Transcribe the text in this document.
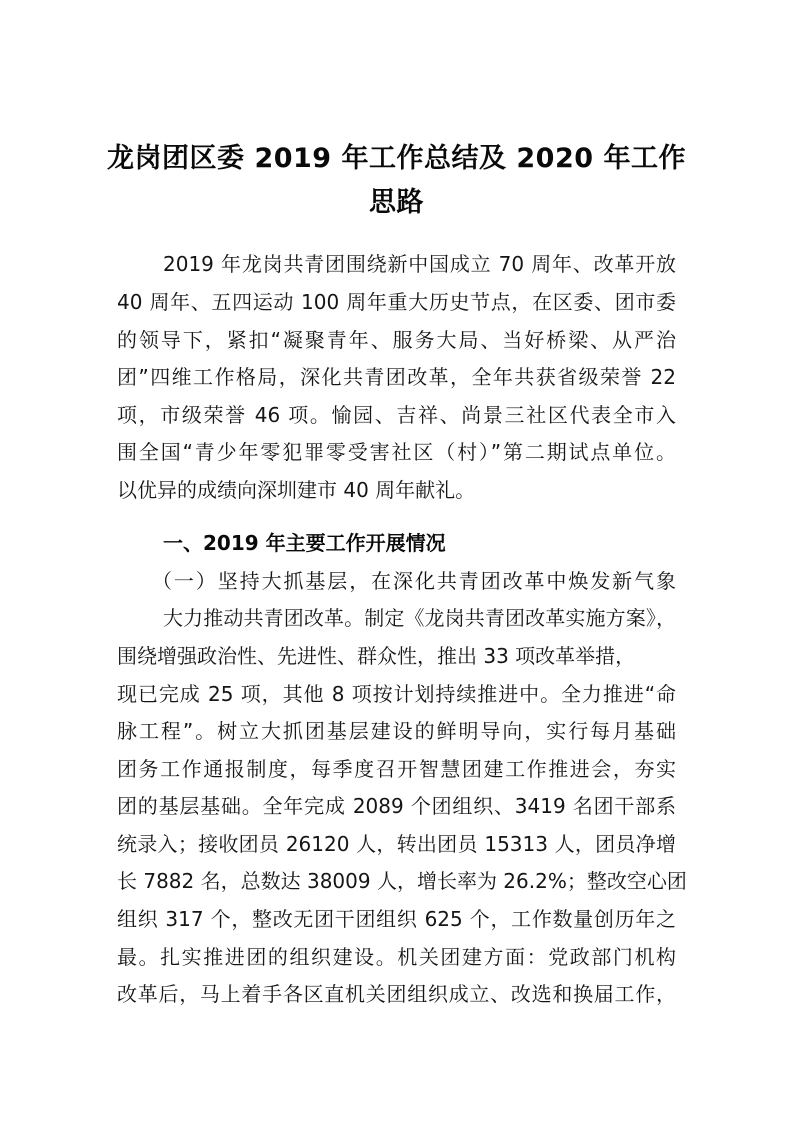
龙岗团区委 2019 年工作总结及 2020 年工作
思路
2019 年龙岗共青团围绕新中国成立 70 周年、改革开放
40 周年、五四运动 100 周年重大历史节点，在区委、团市委
的领导下，紧扣“凝聚青年、服务大局、当好桥梁、从严治
团”四维工作格局，深化共青团改革，全年共获省级荣誉 22
项，市级荣誉 46 项。愉园、吉祥、尚景三社区代表全市入
围全国“青少年零犯罪零受害社区（村）”第二期试点单位。
以优异的成绩向深圳建市 40 周年献礼。
一、2019 年主要工作开展情况
（一）坚持大抓基层，在深化共青团改革中焕发新气象
大力推动共青团改革。制定《龙岗共青团改革实施方案》，
围绕增强政治性、先进性、群众性，推出 33 项改革举措，
现已完成 25 项，其他 8 项按计划持续推进中。全力推进“命
脉工程”。树立大抓团基层建设的鲜明导向，实行每月基础
团务工作通报制度，每季度召开智慧团建工作推进会，夯实
团的基层基础。全年完成 2089 个团组织、3419 名团干部系
统录入；接收团员 26120 人，转出团员 15313 人，团员净增
长 7882 名，总数达 38009 人，增长率为 26.2%；整改空心团
组织 317 个，整改无团干团组织 625 个，工作数量创历年之
最。扎实推进团的组织建设。机关团建方面：党政部门机构
改革后，马上着手各区直机关团组织成立、改选和换届工作，
